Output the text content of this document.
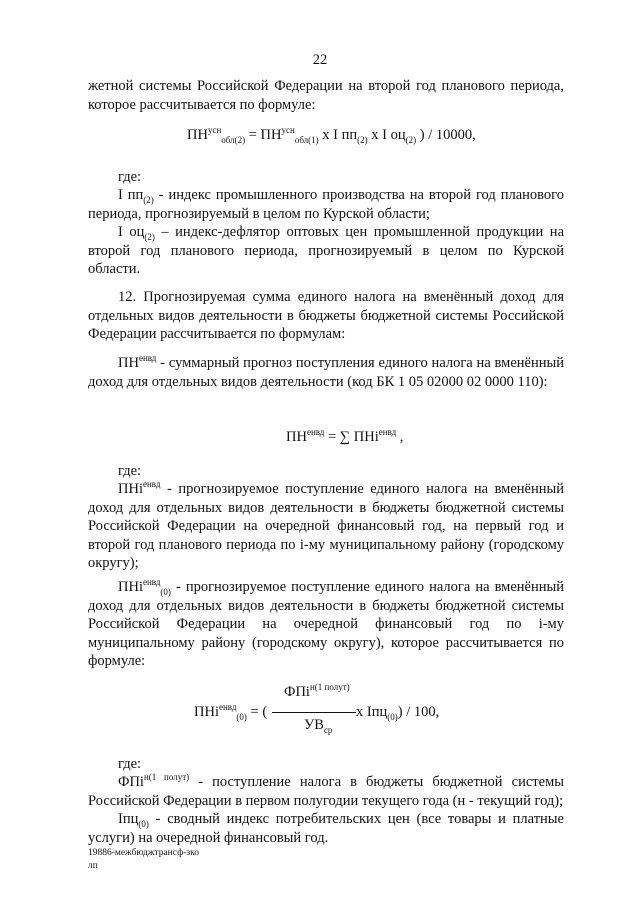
22
жетной системы Российской Федерации на второй год планового периода, которое рассчитывается по формуле:
$ПН^{усн}_{обл(2)} = ПН^{усн}_{обл(1)}$ x I $пп_{(2)}$ x I $оц_{(2)}$ ) / 10000,
где:
I $пп_{(2)}$ - индекс промышленного производства на второй год планового периода, прогнозируемый в целом по Курской области;
I $оц_{(2)}$ – индекс-дефлятор оптовых цен промышленной продукции на второй год планового периода, прогнозируемый в целом по Курской области.
12. Прогнозируемая сумма единого налога на вменённый доход для отдельных видов деятельности в бюджеты бюджетной системы Российской Федерации рассчитывается по формулам:
$ПН^{енвд}$ - суммарный прогноз поступления единого налога на вменённый доход для отдельных видов деятельности (код БК 1 05 02000 02 0000 110):
$ПН^{енвд}$ = ∑ ПНі$^{енвд}$ ,
где:
ПНі$^{енвд}$ - прогнозируемое поступление единого налога на вменённый доход для отдельных видов деятельности в бюджеты бюджетной системы Российской Федерации на очередной финансовый год, на первый год и второй год планового периода по і-му муниципальному району (городскому округу);
ПНі$^{енвд}_{(0)}$ - прогнозируемое поступление единого налога на вменённый доход для отдельных видов деятельности в бюджеты бюджетной системы Российской Федерации на очередной финансовый год по і-му муниципальному району (городскому округу), которое рассчитывается по формуле:
ПНі$^{енвд}_{(0)}$ = (
ФПі$^{н(1 полут)}$
$УВ_{ср}$
x Iпц$_{(0)}$) / 100,
где:
ФПі$^{н(1 полут)}$ - поступление налога в бюджеты бюджетной системы Российской Федерации в первом полугодии текущего года (н - текущий год);
Iпц$_{(0)}$ - сводный индекс потребительских цен (все товары и платные услуги) на очередной финансовый год.
19886-межбюджтрансф-зко
лп
